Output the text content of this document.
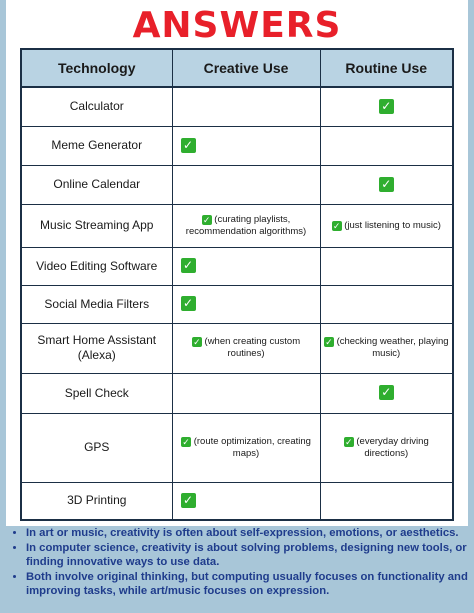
ANSWERS
Technology	Creative Use	Routine Use
Calculator		✓
Meme Generator	✓	
Online Calendar		✓
Music Streaming App	✓ (curating playlists, recommendation algorithms)	✓ (just listening to music)
Video Editing Software	✓	
Social Media Filters	✓	
Smart Home Assistant (Alexa)	✓ (when creating custom routines)	✓ (checking weather, playing music)
Spell Check		✓
GPS	✓ (route optimization, creating maps)	✓ (everyday driving directions)
3D Printing	✓	
• In art or music, creativity is often about self-expression, emotions, or aesthetics.
• In computer science, creativity is about solving problems, designing new tools, or finding innovative ways to use data.
• Both involve original thinking, but computing usually focuses on functionality and improving tasks, while art/music focuses on expression.
